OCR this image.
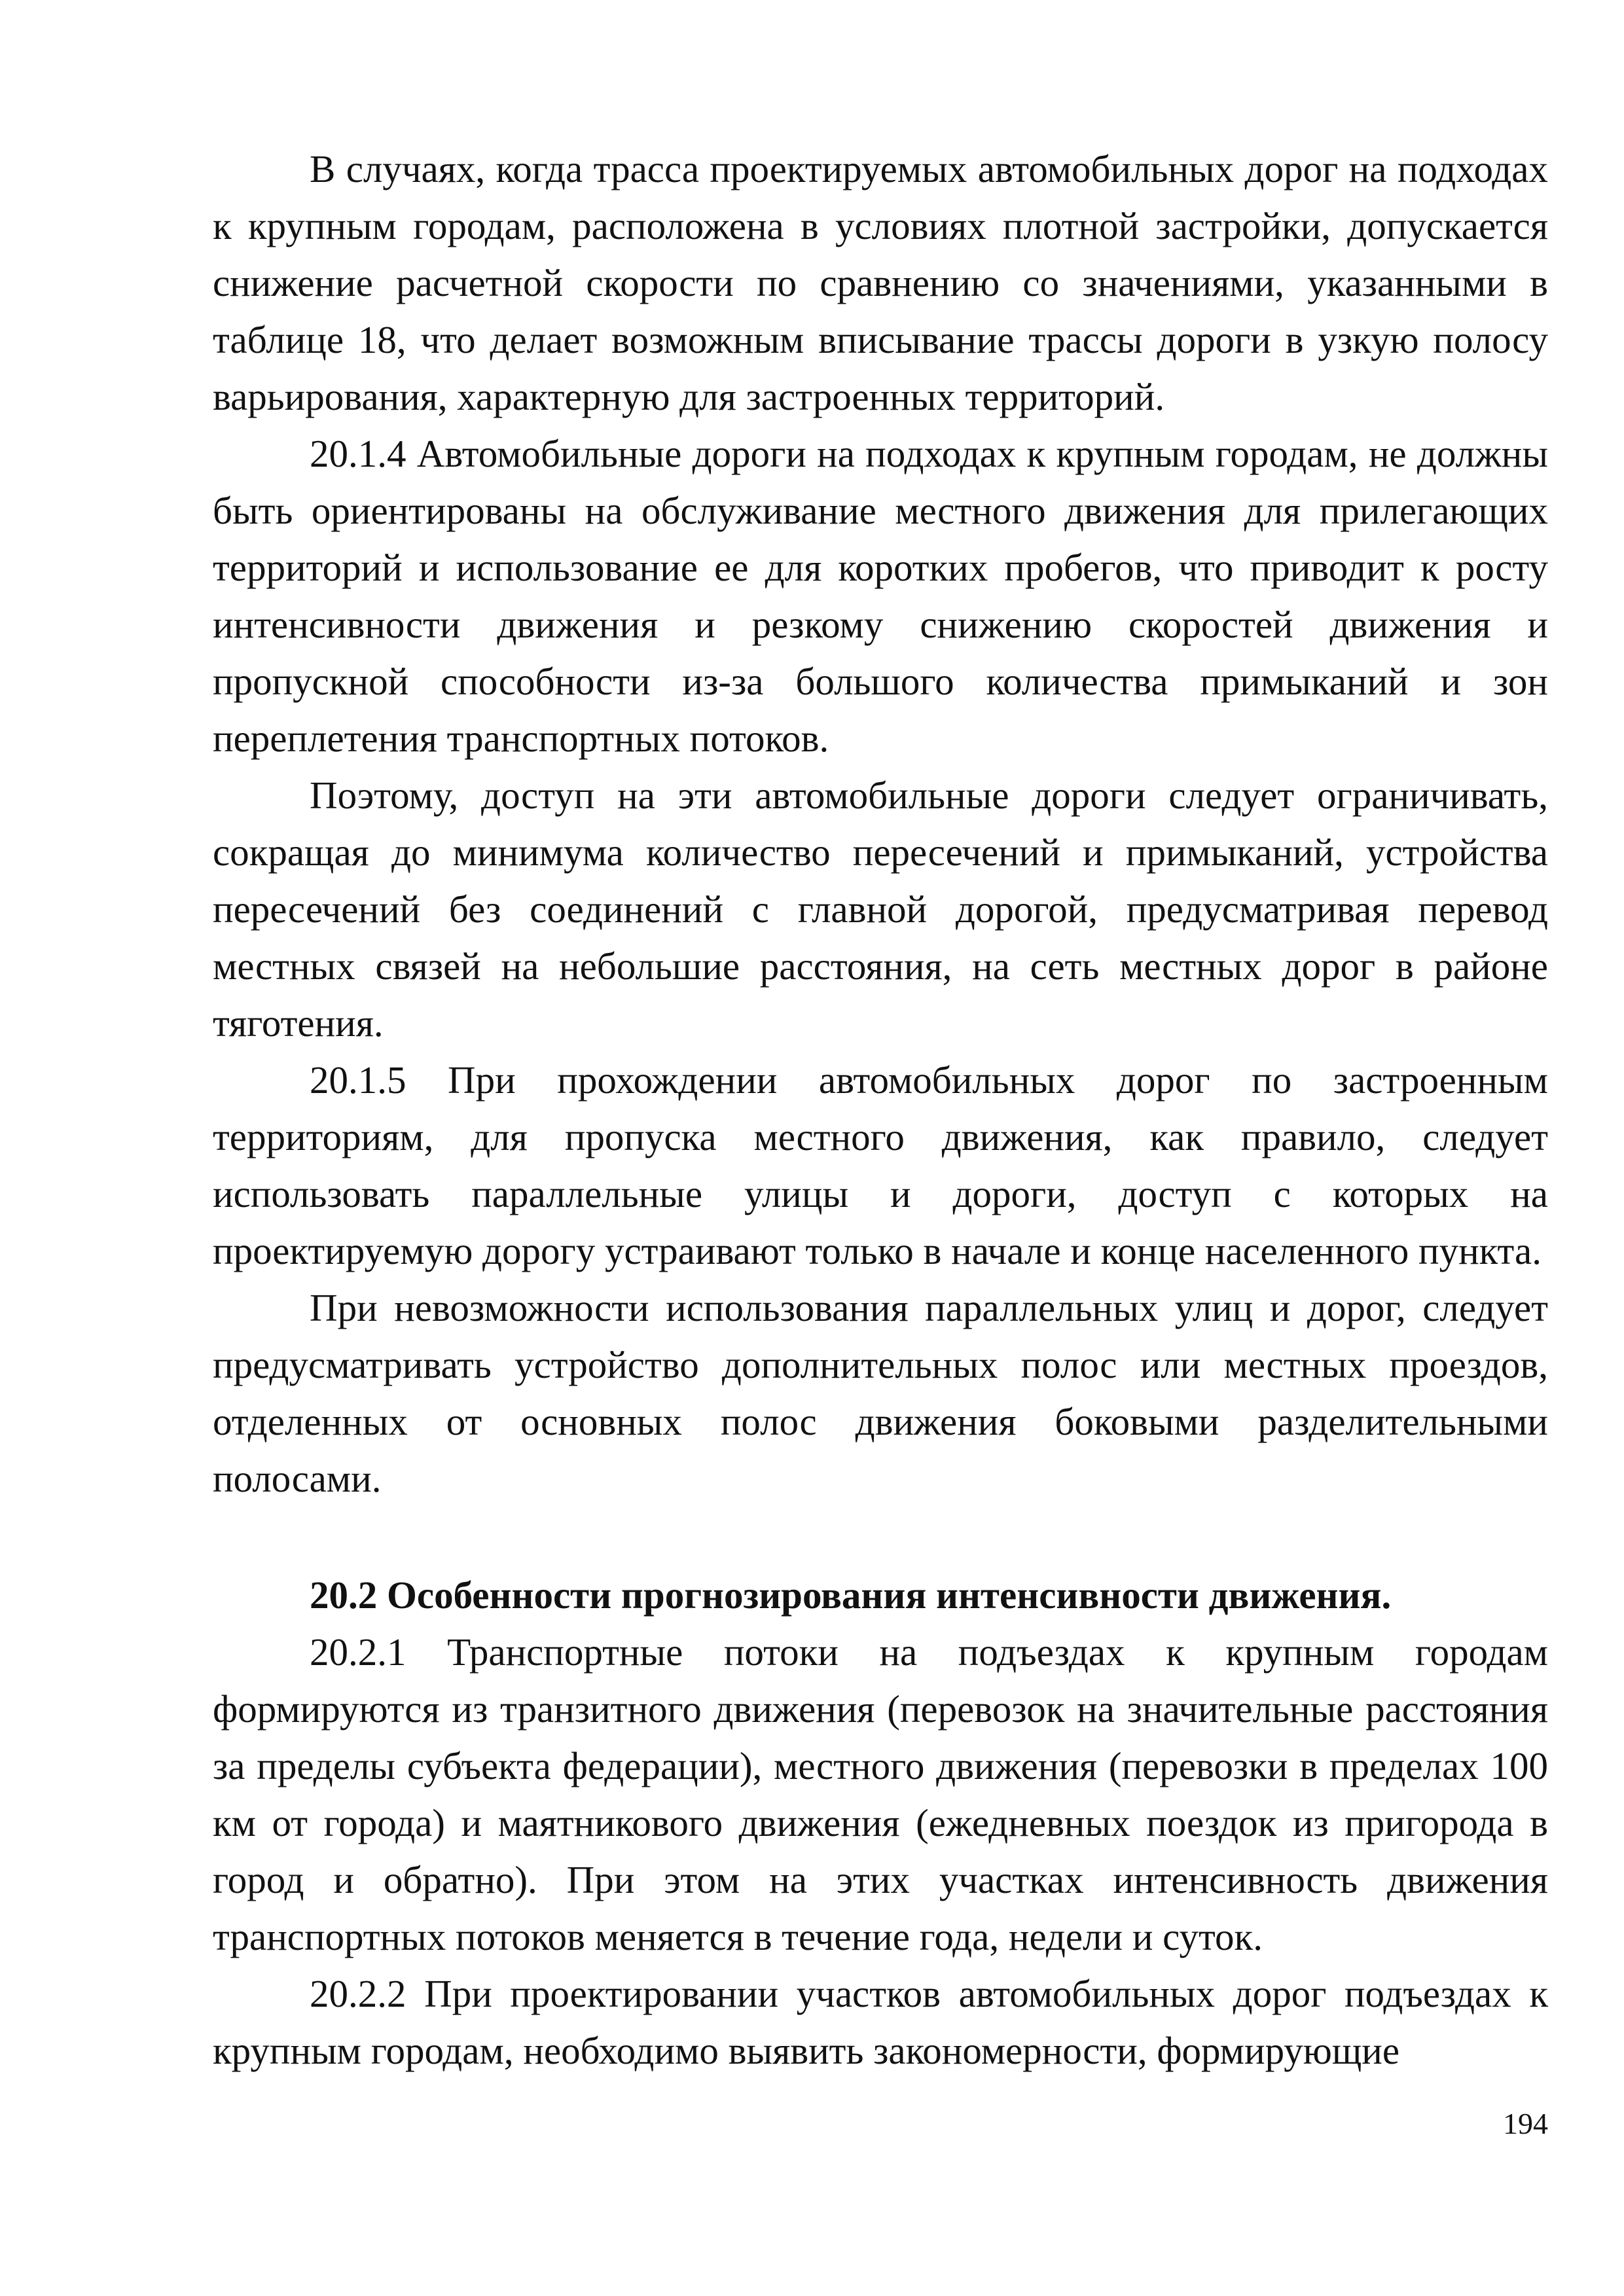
В случаях, когда трасса проектируемых автомобильных дорог на подходах к крупным городам, расположена в условиях плотной застройки, допускается снижение расчетной скорости по сравнению со значениями, указанными в таблице 18, что делает возможным вписывание трассы дороги в узкую полосу варьирования, характерную для застроенных территорий.

20.1.4 Автомобильные дороги на подходах к крупным городам, не должны быть ориентированы на обслуживание местного движения для прилегающих территорий и использование ее для коротких пробегов, что приводит к росту интенсивности движения и резкому снижению скоростей движения и пропускной способности из-за большого количества примыканий и зон переплетения транспортных потоков.

Поэтому, доступ на эти автомобильные дороги следует ограничивать, сокращая до минимума количество пересечений и примыканий, устройства пересечений без соединений с главной дорогой, предусматривая перевод местных связей на небольшие расстояния, на сеть местных дорог в районе тяготения.

20.1.5 При прохождении автомобильных дорог по застроенным территориям, для пропуска местного движения, как правило, следует использовать параллельные улицы и дороги, доступ с которых на проектируемую дорогу устраивают только в начале и конце населенного пункта.

При невозможности использования параллельных улиц и дорог, следует предусматривать устройство дополнительных полос или местных проездов, отделенных от основных полос движения боковыми разделительными полосами.

20.2 Особенности прогнозирования интенсивности движения.

20.2.1 Транспортные потоки на подъездах к крупным городам формируются из транзитного движения (перевозок на значительные расстояния за пределы субъекта федерации), местного движения (перевозки в пределах 100 км от города) и маятникового движения (ежедневных поездок из пригорода в город и обратно). При этом на этих участках интенсивность движения транспортных потоков меняется в течение года, недели и суток.

20.2.2 При проектировании участков автомобильных дорог подъездах к крупным городам, необходимо выявить закономерности, формирующие

194
